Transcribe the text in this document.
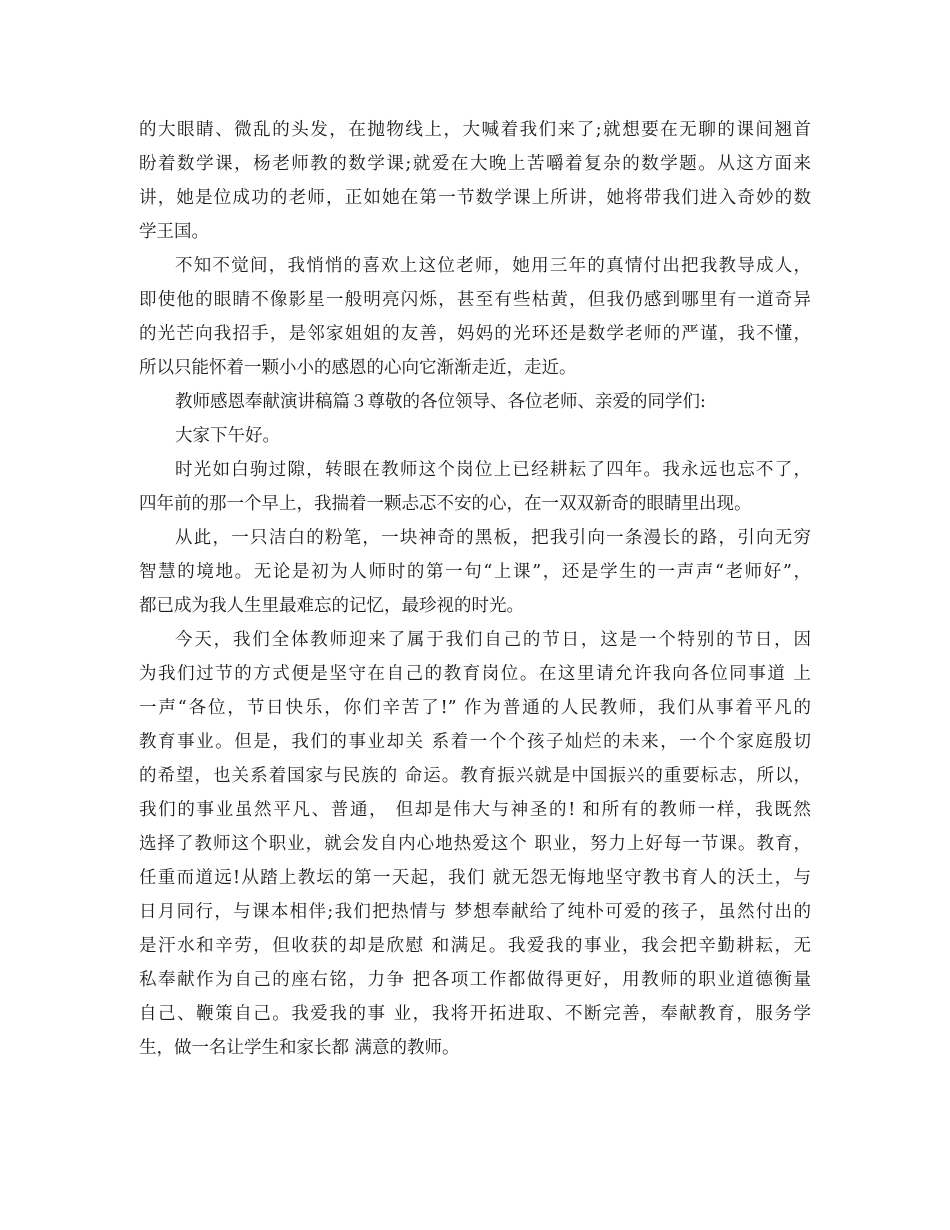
的大眼睛、微乱的头发，在抛物线上，大喊着我们来了;就想要在无聊的课间翘首
盼着数学课，杨老师教的数学课;就爱在大晚上苦嚼着复杂的数学题。从这方面来
讲，她是位成功的老师，正如她在第一节数学课上所讲，她将带我们进入奇妙的数
学王国。
不知不觉间，我悄悄的喜欢上这位老师，她用三年的真情付出把我教导成人，
即使他的眼睛不像影星一般明亮闪烁，甚至有些枯黄，但我仍感到哪里有一道奇异
的光芒向我招手，是邻家姐姐的友善，妈妈的光环还是数学老师的严谨，我不懂，
所以只能怀着一颗小小的感恩的心向它渐渐走近，走近。
教师感恩奉献演讲稿篇３尊敬的各位领导、各位老师、亲爱的同学们:
大家下午好。
时光如白驹过隙，转眼在教师这个岗位上已经耕耘了四年。我永远也忘不了，
四年前的那一个早上，我揣着一颗忐忑不安的心，在一双双新奇的眼睛里出现。
从此，一只洁白的粉笔，一块神奇的黑板，把我引向一条漫长的路，引向无穷
智慧的境地。无论是初为人师时的第一句“上课”，还是学生的一声声“老师好”，
都已成为我人生里最难忘的记忆，最珍视的时光。
今天，我们全体教师迎来了属于我们自己的节日，这是一个特别的节日，因
为我们过节的方式便是坚守在自己的教育岗位。在这里请允许我向各位同事道 上
一声“各位，节日快乐，你们辛苦了!” 作为普通的人民教师，我们从事着平凡的
教育事业。但是，我们的事业却关 系着一个个孩子灿烂的未来，一个个家庭殷切
的希望，也关系着国家与民族的 命运。教育振兴就是中国振兴的重要标志，所以，
我们的事业虽然平凡、普通， 但却是伟大与神圣的! 和所有的教师一样，我既然
选择了教师这个职业，就会发自内心地热爱这个 职业，努力上好每一节课。教育，
任重而道远!从踏上教坛的第一天起，我们 就无怨无悔地坚守教书育人的沃土，与
日月同行，与课本相伴;我们把热情与 梦想奉献给了纯朴可爱的孩子，虽然付出的
是汗水和辛劳，但收获的却是欣慰 和满足。我爱我的事业，我会把辛勤耕耘，无
私奉献作为自己的座右铭，力争 把各项工作都做得更好，用教师的职业道德衡量
自己、鞭策自己。我爱我的事 业，我将开拓进取、不断完善，奉献教育，服务学
生，做一名让学生和家长都 满意的教师。
